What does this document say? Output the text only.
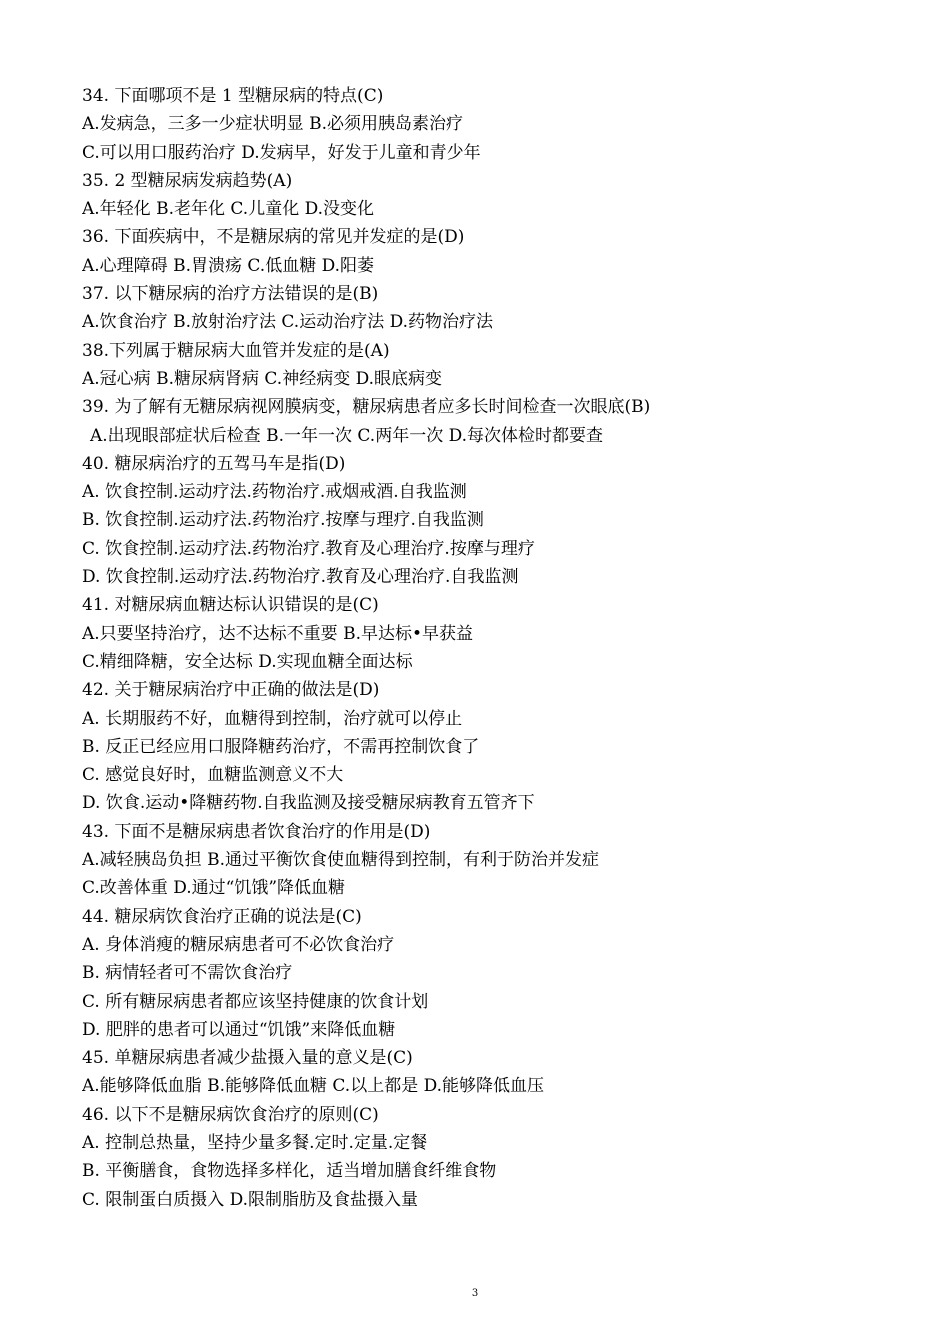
34. 下面哪项不是 1 型糖尿病的特点(C)
A.发病急，三多一少症状明显 B.必须用胰岛素治疗
C.可以用口服药治疗 D.发病早，好发于儿童和青少年
35. 2 型糖尿病发病趋势(A)
A.年轻化 B.老年化 C.儿童化 D.没变化
36. 下面疾病中，不是糖尿病的常见并发症的是(D)
A.心理障碍 B.胃溃疡 C.低血糖 D.阳萎
37. 以下糖尿病的治疗方法错误的是(B)
A.饮食治疗 B.放射治疗法 C.运动治疗法 D.药物治疗法
38.下列属于糖尿病大血管并发症的是(A)
A.冠心病 B.糖尿病肾病 C.神经病变 D.眼底病变
39. 为了解有无糖尿病视网膜病变，糖尿病患者应多长时间检查一次眼底(B)
A.出现眼部症状后检查 B.一年一次 C.两年一次 D.每次体检时都要查
40. 糖尿病治疗的五驾马车是指(D)
A. 饮食控制.运动疗法.药物治疗.戒烟戒酒.自我监测
B. 饮食控制.运动疗法.药物治疗.按摩与理疗.自我监测
C. 饮食控制.运动疗法.药物治疗.教育及心理治疗.按摩与理疗
D. 饮食控制.运动疗法.药物治疗.教育及心理治疗.自我监测
41. 对糖尿病血糖达标认识错误的是(C)
A.只要坚持治疗，达不达标不重要 B.早达标•早获益
C.精细降糖，安全达标 D.实现血糖全面达标
42. 关于糖尿病治疗中正确的做法是(D)
A. 长期服药不好，血糖得到控制，治疗就可以停止
B. 反正已经应用口服降糖药治疗，不需再控制饮食了
C. 感觉良好时，血糖监测意义不大
D. 饮食.运动•降糖药物.自我监测及接受糖尿病教育五管齐下
43. 下面不是糖尿病患者饮食治疗的作用是(D)
A.减轻胰岛负担 B.通过平衡饮食使血糖得到控制，有利于防治并发症
C.改善体重 D.通过“饥饿”降低血糖
44. 糖尿病饮食治疗正确的说法是(C)
A. 身体消瘦的糖尿病患者可不必饮食治疗
B. 病情轻者可不需饮食治疗
C. 所有糖尿病患者都应该坚持健康的饮食计划
D. 肥胖的患者可以通过“饥饿”来降低血糖
45. 单糖尿病患者减少盐摄入量的意义是(C)
A.能够降低血脂 B.能够降低血糖 C.以上都是 D.能够降低血压
46. 以下不是糖尿病饮食治疗的原则(C)
A. 控制总热量，坚持少量多餐.定时.定量.定餐
B. 平衡膳食，食物选择多样化，适当增加膳食纤维食物
C. 限制蛋白质摄入 D.限制脂肪及食盐摄入量
3
